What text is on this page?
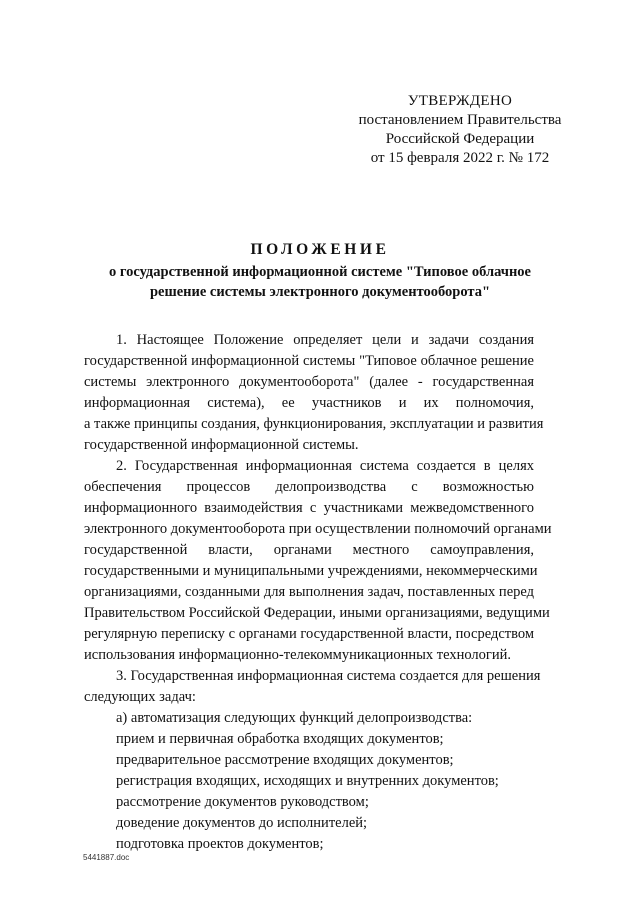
УТВЕРЖДЕНО
постановлением Правительства
Российской Федерации
от 15 февраля 2022 г. № 172
ПОЛОЖЕНИЕ
о государственной информационной системе "Типовое облачное
решение системы электронного документооборота"
1. Настоящее Положение определяет цели и задачи создания
государственной информационной системы "Типовое облачное решение
системы электронного документооборота" (далее - государственная
информационная система), ее участников и их полномочия,
а также принципы создания, функционирования, эксплуатации и развития
государственной информационной системы.
2. Государственная информационная система создается в целях
обеспечения процессов делопроизводства с возможностью
информационного взаимодействия с участниками межведомственного
электронного документооборота при осуществлении полномочий органами
государственной власти, органами местного самоуправления,
государственными и муниципальными учреждениями, некоммерческими
организациями, созданными для выполнения задач, поставленных перед
Правительством Российской Федерации, иными организациями, ведущими
регулярную переписку с органами государственной власти, посредством
использования информационно-телекоммуникационных технологий.
3. Государственная информационная система создается для решения
следующих задач:
а) автоматизация следующих функций делопроизводства:
прием и первичная обработка входящих документов;
предварительное рассмотрение входящих документов;
регистрация входящих, исходящих и внутренних документов;
рассмотрение документов руководством;
доведение документов до исполнителей;
подготовка проектов документов;
5441887.doc
